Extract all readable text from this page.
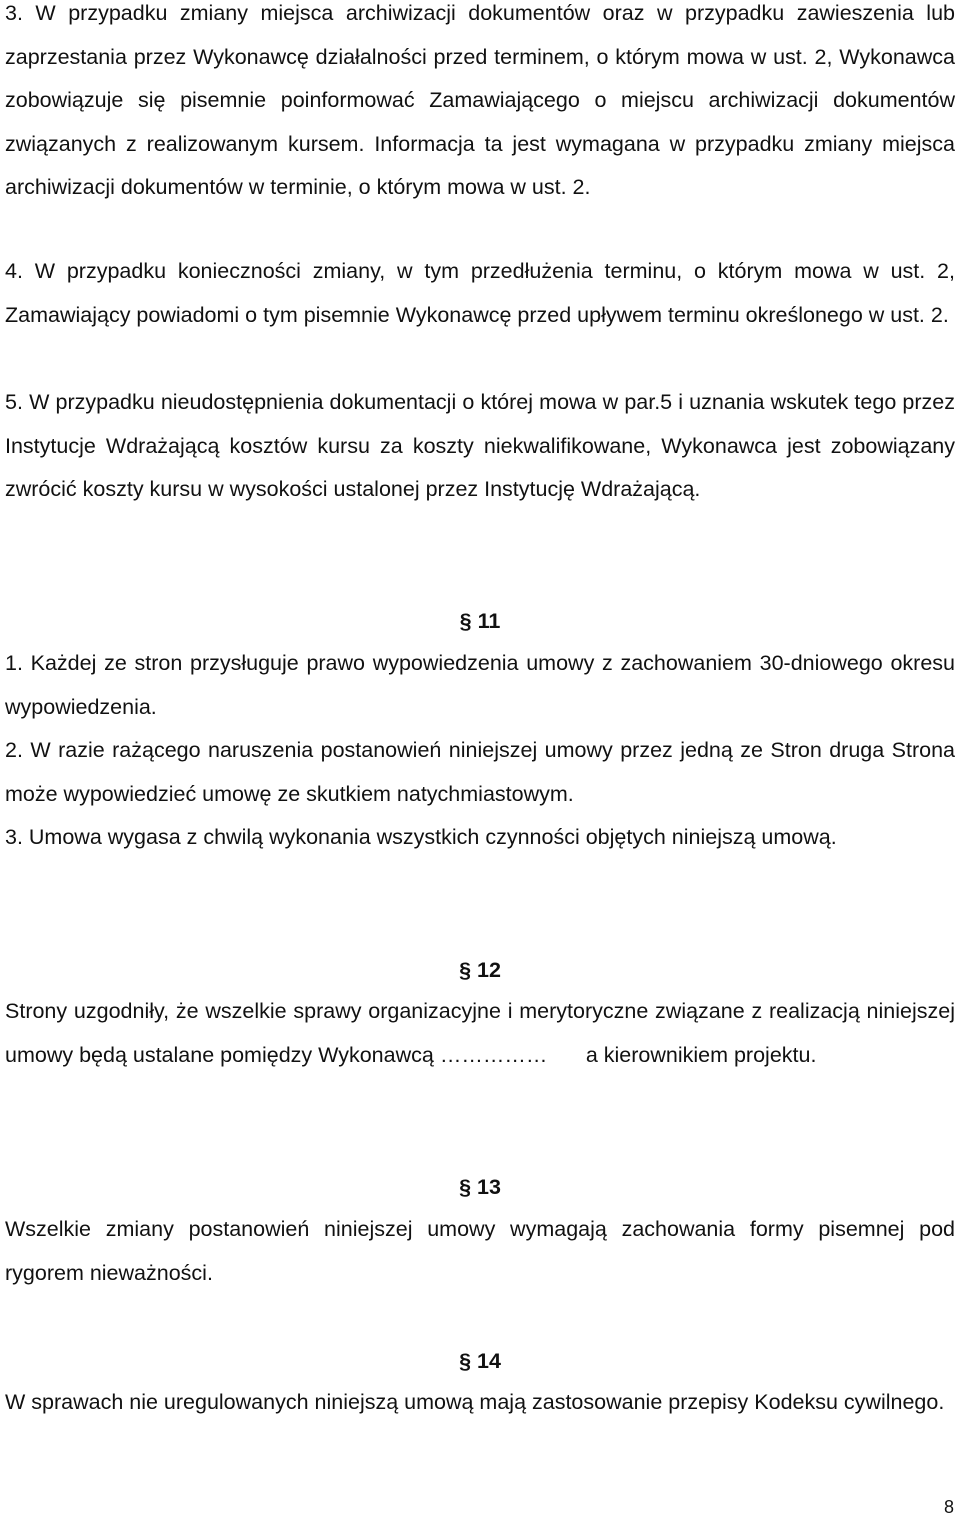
3. W przypadku zmiany miejsca archiwizacji dokumentów oraz w przypadku zawieszenia lub zaprzestania przez Wykonawcę działalności przed terminem, o którym mowa w ust. 2, Wykonawca zobowiązuje się pisemnie poinformować Zamawiającego o miejscu archiwizacji dokumentów związanych z realizowanym kursem. Informacja ta jest wymagana w przypadku zmiany miejsca archiwizacji dokumentów w terminie, o którym mowa w ust. 2.

4. W przypadku konieczności zmiany, w tym przedłużenia terminu, o którym mowa w ust. 2, Zamawiający powiadomi o tym pisemnie Wykonawcę przed upływem terminu określonego w ust. 2.

5. W przypadku nieudostępnienia dokumentacji o której mowa w par.5 i uznania wskutek tego przez Instytucje Wdrażającą kosztów kursu za koszty niekwalifikowane, Wykonawca jest zobowiązany zwrócić koszty kursu w wysokości ustalonej przez Instytucję Wdrażającą.

§ 11

1. Każdej ze stron przysługuje prawo wypowiedzenia umowy z zachowaniem 30-dniowego okresu wypowiedzenia.

2. W razie rażącego naruszenia postanowień niniejszej umowy przez jedną ze Stron druga Strona może wypowiedzieć umowę ze skutkiem natychmiastowym.

3. Umowa wygasa z chwilą wykonania wszystkich czynności objętych niniejszą umową.

§ 12

Strony uzgodniły, że wszelkie sprawy organizacyjne i merytoryczne związane z realizacją niniejszej umowy będą ustalane pomiędzy Wykonawcą …………… a kierownikiem projektu.

§ 13

Wszelkie zmiany postanowień niniejszej umowy wymagają zachowania formy pisemnej pod rygorem nieważności.

§ 14

W sprawach nie uregulowanych niniejszą umową mają zastosowanie przepisy Kodeksu cywilnego.

8
